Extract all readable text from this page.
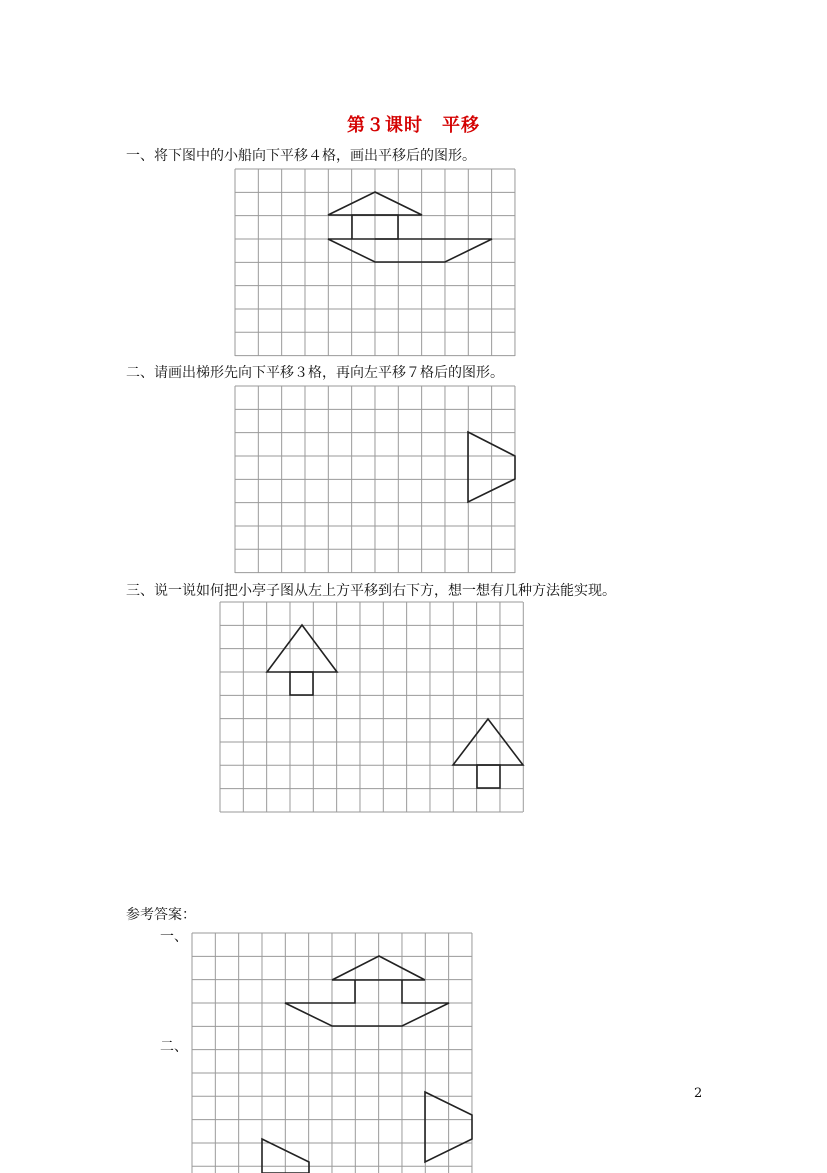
第３课时　平移
一、将下图中的小船向下平移４格，画出平移后的图形。
二、请画出梯形先向下平移３格，再向左平移７格后的图形。
三、说一说如何把小亭子图从左上方平移到右下方，想一想有几种方法能实现。
参考答案：
一、
二、
2
